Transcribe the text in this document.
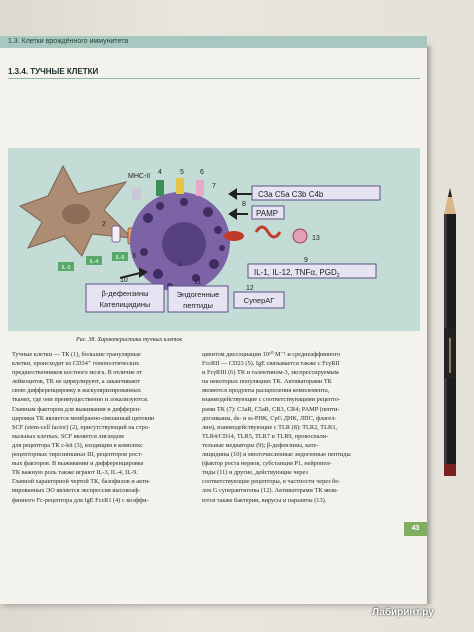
1.3. Клетки врождённого иммунитета
1.3.4. ТУЧНЫЕ КЛЕТКИ
C3a C5a C3b C4b
PAMP
IL-1, IL-12, TNFα, $PGD_2$
β-дефензины
Кателицидины
Эндогенные
пептиды
СуперАГ
IL-3
IL-4
IL-9
MHC-II
1
2
3
4	5 6
7
8
9
10	11
12
13
Рис. 38. Характеристика тучных клеток

Тучные клетки — ТК (1), большие гранулярные

клетки, происходят из CD34⁺ гемопоэтических

предшественников костного мозга. В отличие от

лейкоцитов, ТК не циркулируют, а заканчивают

свою дифференцировку в васкуляризированных

тканях, где они преимущественно и локализуются.

Главным фактором для выживания и дифферен-

цировки ТК является мембранно-связанный цитокин

SCF (stem-cell factor) (2), присутствующий на стро-

мальных клетках. SCF является лигандом

для рецептора ТК c-kit (3), входящим в комплекс

рецепторных тирозинкиназ III, рецепторов рост-

вых факторов. В выживании и дифференцировке

ТК важную роль также играют IL-3, IL-4, IL-9.

Главной характерной чертой ТК, базофилов и акти-

вированных ЭО является экспрессия высокоаф-

финного Fc-рецептора для IgE FcεR1 (4) с коэффи-

циентом диссоциации 10¹⁰ М⁻¹ и среднеаффинного

FcεRII — CD23 (5). IgE связывается также с FcγRII

и FcγRIII (6) ТК и галектином-3, экспрессируемым

на некоторых популяциях ТК. Активаторами ТК

являются продукты расщепления комплемента,

взаимодействующие с соответствующими рецепто-

рами ТК (7): C3aR, C5aR, CR3, CR4; PAMP (пепти-

догликаны, ds- и ss-РНК, CpG ДНК, ЛПС, флагел-

лин), взаимодействующие с TLR (8): TLR2, TLR3,

TLR4/CD14, TLR5, TLR7 и TLR9, провоспали-

тельные медиаторы (9); β-дефензины, кате-

лицидины (10) и многочисленные эндогенные пептиды

(фактор роста нервов, субстанция P1, нейропеп-

тиды (11) и другие, действующие через

соответствующие рецепторы, в частности через бе-

лок G суперантигены (12). Активаторами ТК явля-

ются также бактерии, вирусы и паразиты (13).

43
Лабиринт.ру
